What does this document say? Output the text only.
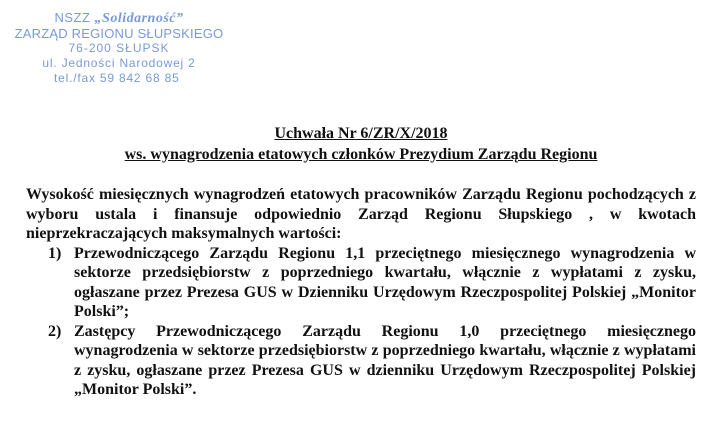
NSZZ „Solidarność”
ZARZĄD REGIONU SŁUPSKIEGO
76-200 SŁUPSK
ul. Jedności Narodowej 2
tel./fax 59 842 68 85

Uchwała Nr 6/ZR/X/2018

ws. wynagrodzenia etatowych członków Prezydium Zarządu Regionu

Wysokość miesięcznych wynagrodzeń etatowych pracowników Zarządu Regionu pochodzących z wyboru ustala i finansuje odpowiednio Zarząd Regionu Słupskiego , w kwotach nieprzekraczających maksymalnych wartości:
1) Przewodniczącego Zarządu Regionu 1,1 przeciętnego miesięcznego wynagrodzenia w sektorze przedsiębiorstw z poprzedniego kwartału, włącznie z wypłatami z zysku, ogłaszane przez Prezesa GUS w Dzienniku Urzędowym Rzeczpospolitej Polskiej „Monitor Polski”;
2) Zastępcy Przewodniczącego Zarządu Regionu 1,0 przeciętnego miesięcznego wynagrodzenia w sektorze przedsiębiorstw z poprzedniego kwartału, włącznie z wypłatami z zysku, ogłaszane przez Prezesa GUS w dzienniku Urzędowym Rzeczpospolitej Polskiej „Monitor Polski”.
